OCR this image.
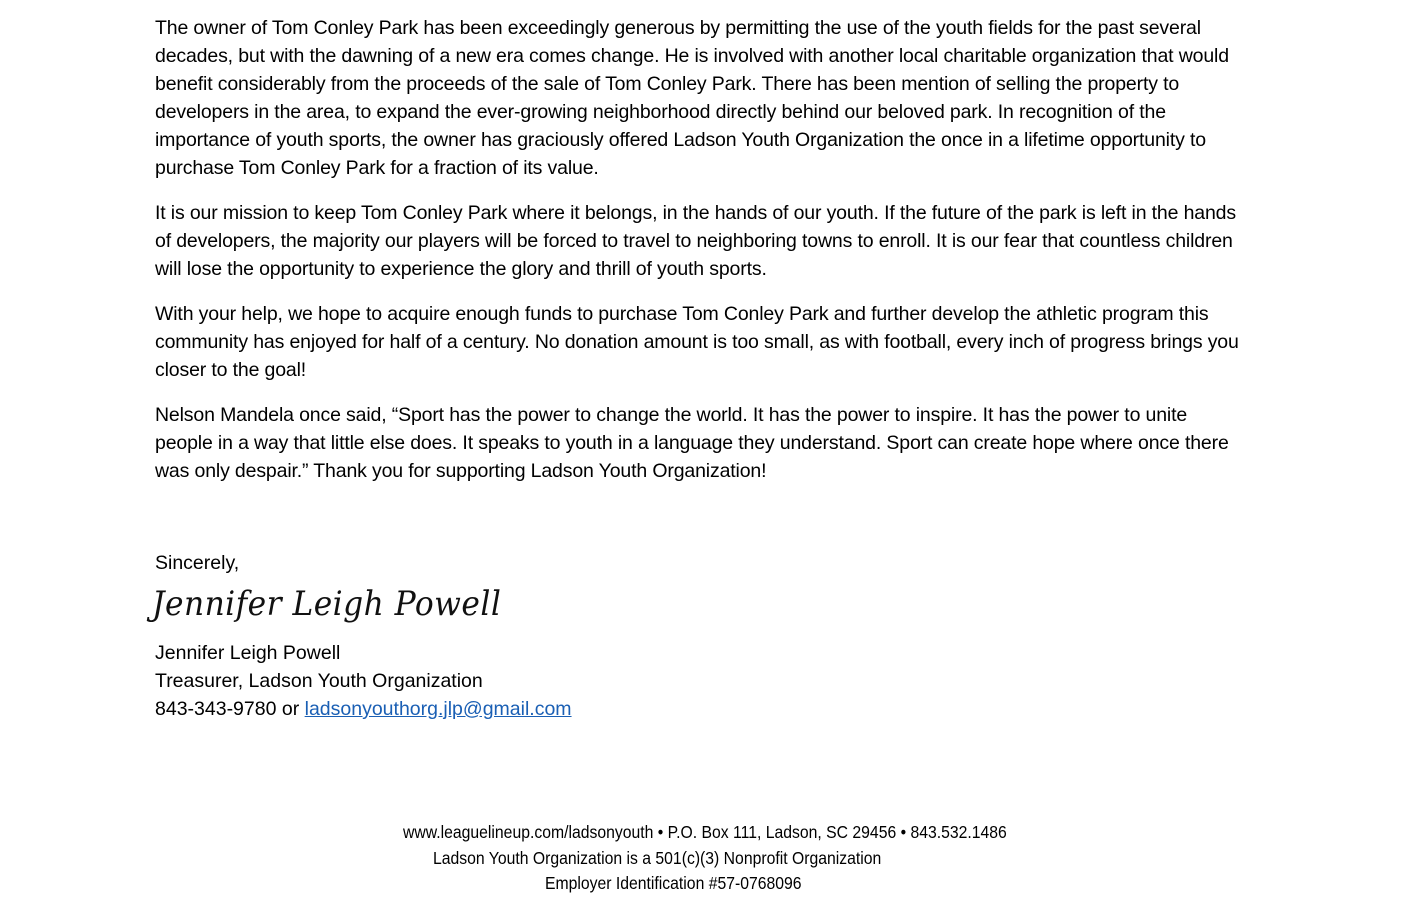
The owner of Tom Conley Park has been exceedingly generous by permitting the use of the youth fields for the past several decades, but with the dawning of a new era comes change. He is involved with another local charitable organization that would benefit considerably from the proceeds of the sale of Tom Conley Park. There has been mention of selling the property to developers in the area, to expand the ever-growing neighborhood directly behind our beloved park. In recognition of the importance of youth sports, the owner has graciously offered Ladson Youth Organization the once in a lifetime opportunity to purchase Tom Conley Park for a fraction of its value.

It is our mission to keep Tom Conley Park where it belongs, in the hands of our youth. If the future of the park is left in the hands of developers, the majority our players will be forced to travel to neighboring towns to enroll. It is our fear that countless children will lose the opportunity to experience the glory and thrill of youth sports.

With your help, we hope to acquire enough funds to purchase Tom Conley Park and further develop the athletic program this community has enjoyed for half of a century. No donation amount is too small, as with football, every inch of progress brings you closer to the goal!

Nelson Mandela once said, “Sport has the power to change the world. It has the power to inspire. It has the power to unite people in a way that little else does. It speaks to youth in a language they understand. Sport can create hope where once there was only despair.” Thank you for supporting Ladson Youth Organization!

Sincerely,
Jennifer Leigh Powell
Jennifer Leigh Powell
Treasurer, Ladson Youth Organization
843-343-9780 or ladsonyouthorg.jlp@gmail.com
www.leaguelineup.com/ladsonyouth • P.O. Box 111, Ladson, SC 29456 • 843.532.1486
Ladson Youth Organization is a 501(c)(3) Nonprofit Organization
Employer Identification #57-0768096
